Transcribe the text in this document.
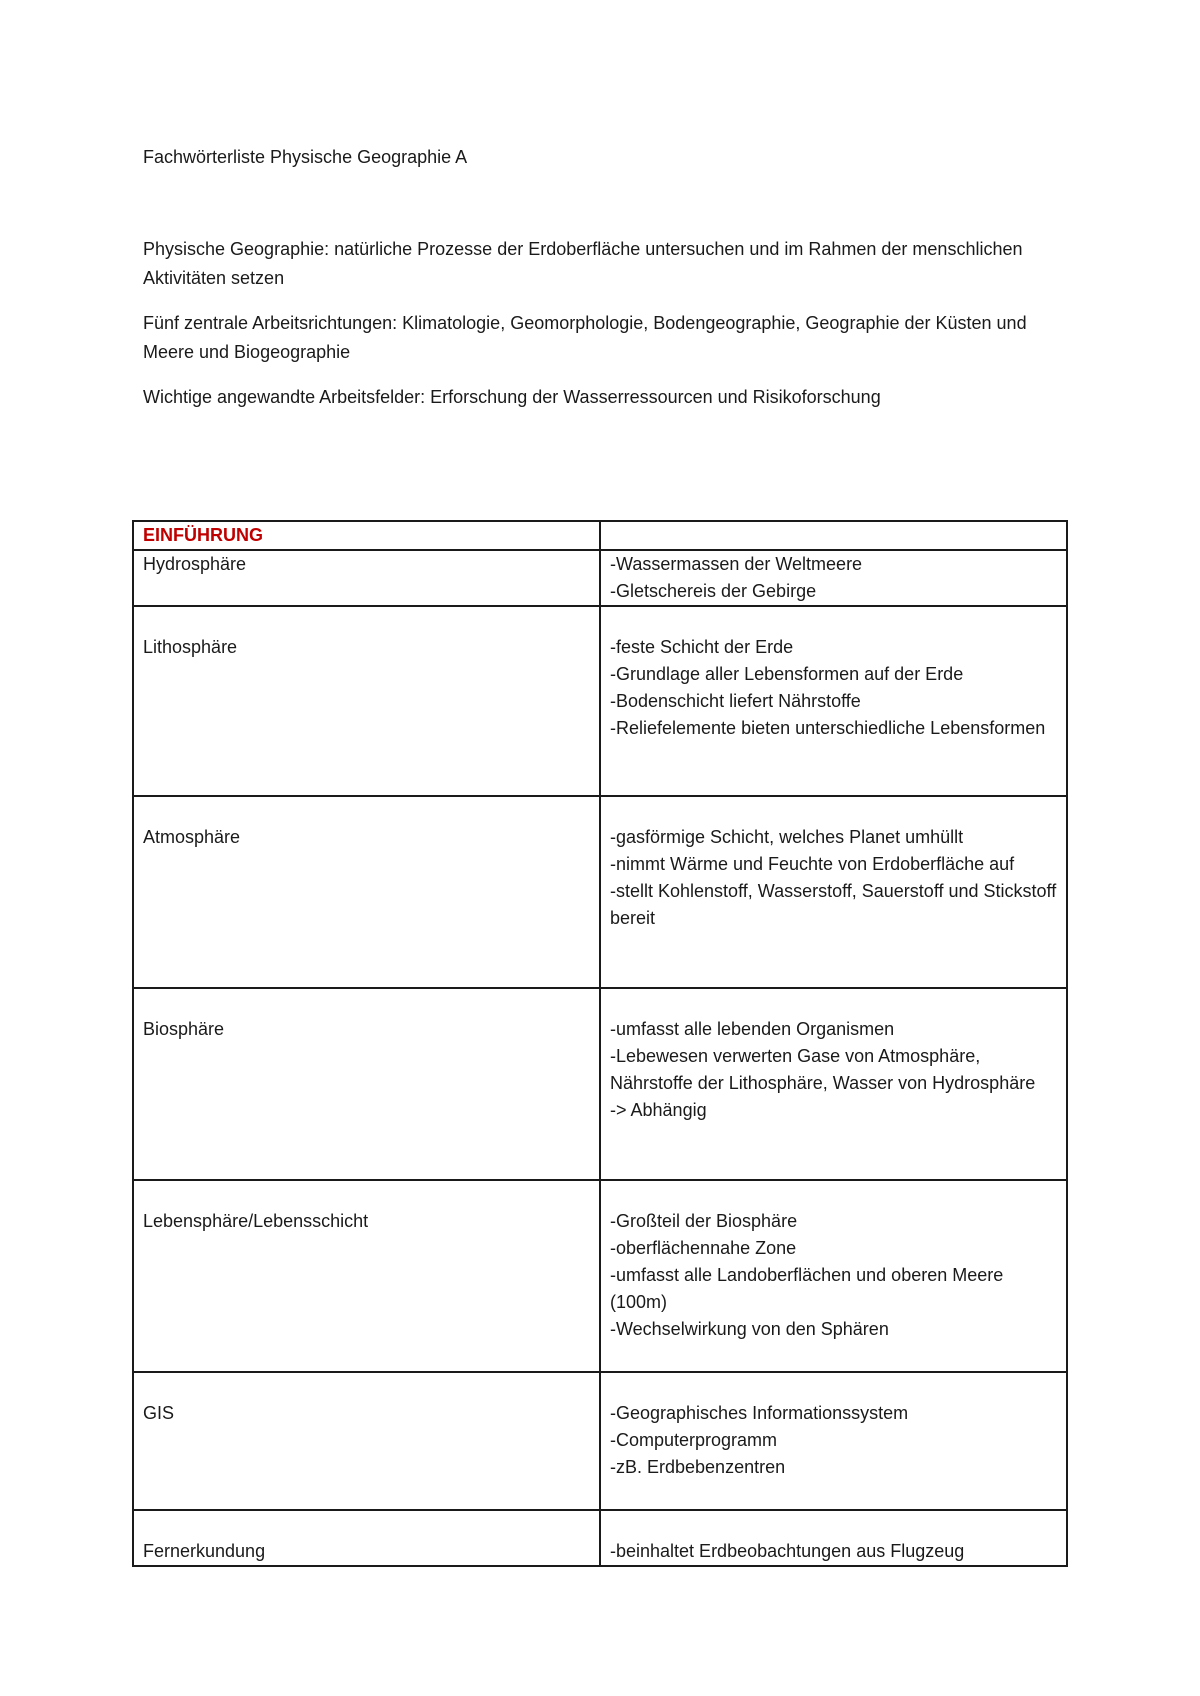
Fachwörterliste Physische Geographie A

Physische Geographie: natürliche Prozesse der Erdoberfläche untersuchen und im Rahmen der menschlichen Aktivitäten setzen

Fünf zentrale Arbeitsrichtungen: Klimatologie, Geomorphologie, Bodengeographie, Geographie der Küsten und Meere und Biogeographie

Wichtige angewandte Arbeitsfelder: Erforschung der Wasserressourcen und Risikoforschung

EINFÜHRUNG	

Hydrosphäre	-Wassermassen der Weltmeere
-Gletschereis der Gebirge

Lithosphäre	-feste Schicht der Erde
-Grundlage aller Lebensformen auf der Erde
-Bodenschicht liefert Nährstoffe
-Reliefelemente bieten unterschiedliche Lebensformen

Atmosphäre	-gasförmige Schicht, welches Planet umhüllt
-nimmt Wärme und Feuchte von Erdoberfläche auf
-stellt Kohlenstoff, Wasserstoff, Sauerstoff und Stickstoff bereit

Biosphäre	-umfasst alle lebenden Organismen
-Lebewesen verwerten Gase von Atmosphäre, Nährstoffe der Lithosphäre, Wasser von Hydrosphäre
-> Abhängig

Lebensphäre/Lebensschicht	-Großteil der Biosphäre
-oberflächennahe Zone
-umfasst alle Landoberflächen und oberen Meere (100m)
-Wechselwirkung von den Sphären

GIS	-Geographisches Informationssystem
-Computerprogramm
-zB. Erdbebenzentren

Fernerkundung	-beinhaltet Erdbeobachtungen aus Flugzeug
